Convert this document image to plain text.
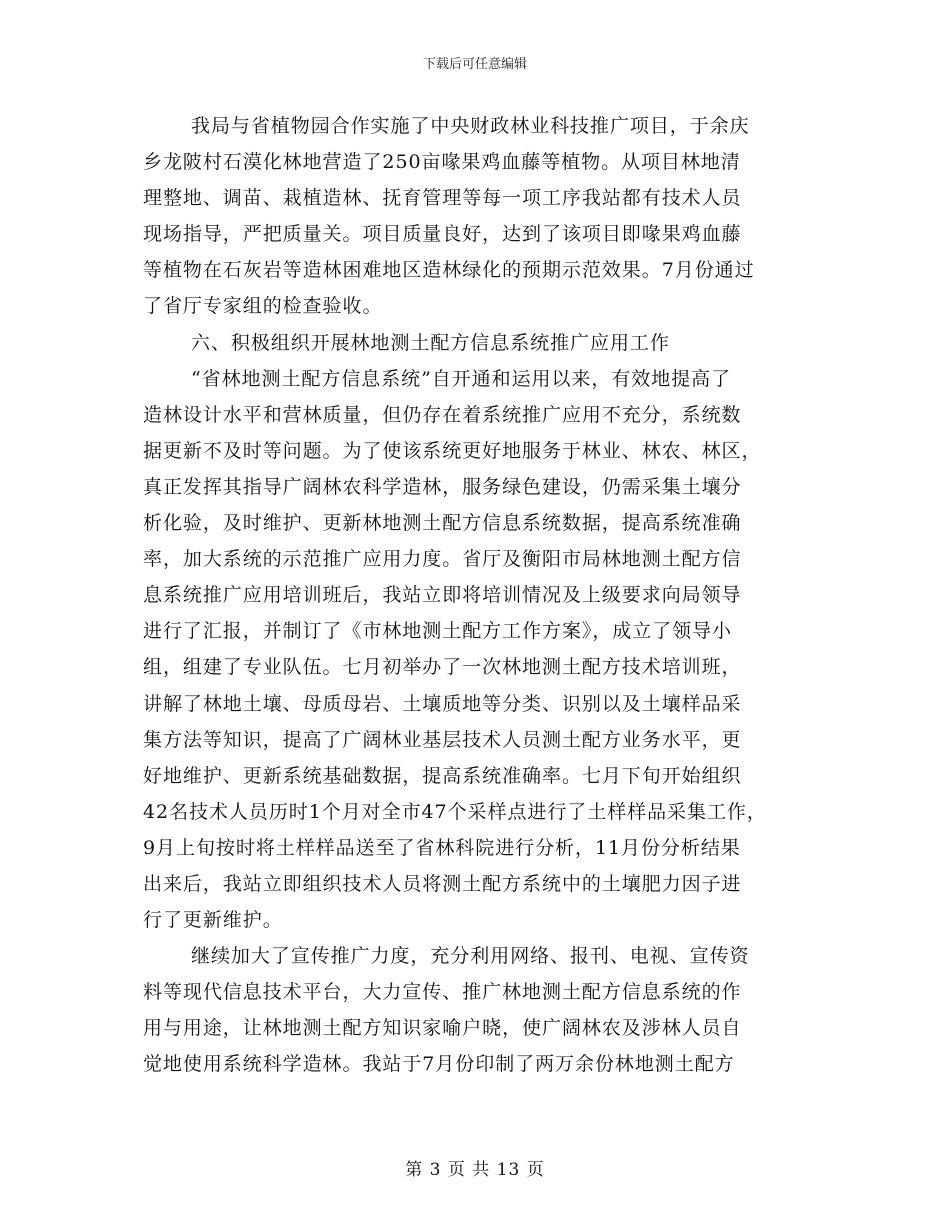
下载后可任意编辑
我局与省植物园合作实施了中央财政林业科技推广项目，于余庆
乡龙陂村石漠化林地营造了250亩喙果鸡血藤等植物。从项目林地清
理整地、调苗、栽植造林、抚育管理等每一项工序我站都有技术人员
现场指导，严把质量关。项目质量良好，达到了该项目即喙果鸡血藤
等植物在石灰岩等造林困难地区造林绿化的预期示范效果。7月份通过
了省厅专家组的检查验收。
六、积极组织开展林地测土配方信息系统推广应用工作
“省林地测土配方信息系统”自开通和运用以来，有效地提高了
造林设计水平和营林质量，但仍存在着系统推广应用不充分，系统数
据更新不及时等问题。为了使该系统更好地服务于林业、林农、林区，
真正发挥其指导广阔林农科学造林，服务绿色建设，仍需采集土壤分
析化验，及时维护、更新林地测土配方信息系统数据，提高系统准确
率，加大系统的示范推广应用力度。省厅及衡阳市局林地测土配方信
息系统推广应用培训班后，我站立即将培训情况及上级要求向局领导
进行了汇报，并制订了《市林地测土配方工作方案》，成立了领导小
组，组建了专业队伍。七月初举办了一次林地测土配方技术培训班，
讲解了林地土壤、母质母岩、土壤质地等分类、识别以及土壤样品采
集方法等知识，提高了广阔林业基层技术人员测土配方业务水平，更
好地维护、更新系统基础数据，提高系统准确率。七月下旬开始组织
42名技术人员历时1个月对全市47个采样点进行了土样样品采集工作，
9月上旬按时将土样样品送至了省林科院进行分析，11月份分析结果
出来后，我站立即组织技术人员将测土配方系统中的土壤肥力因子进
行了更新维护。
继续加大了宣传推广力度，充分利用网络、报刊、电视、宣传资
料等现代信息技术平台，大力宣传、推广林地测土配方信息系统的作
用与用途，让林地测土配方知识家喻户晓，使广阔林农及涉林人员自
觉地使用系统科学造林。我站于7月份印制了两万余份林地测土配方
第 3 页 共 13 页
